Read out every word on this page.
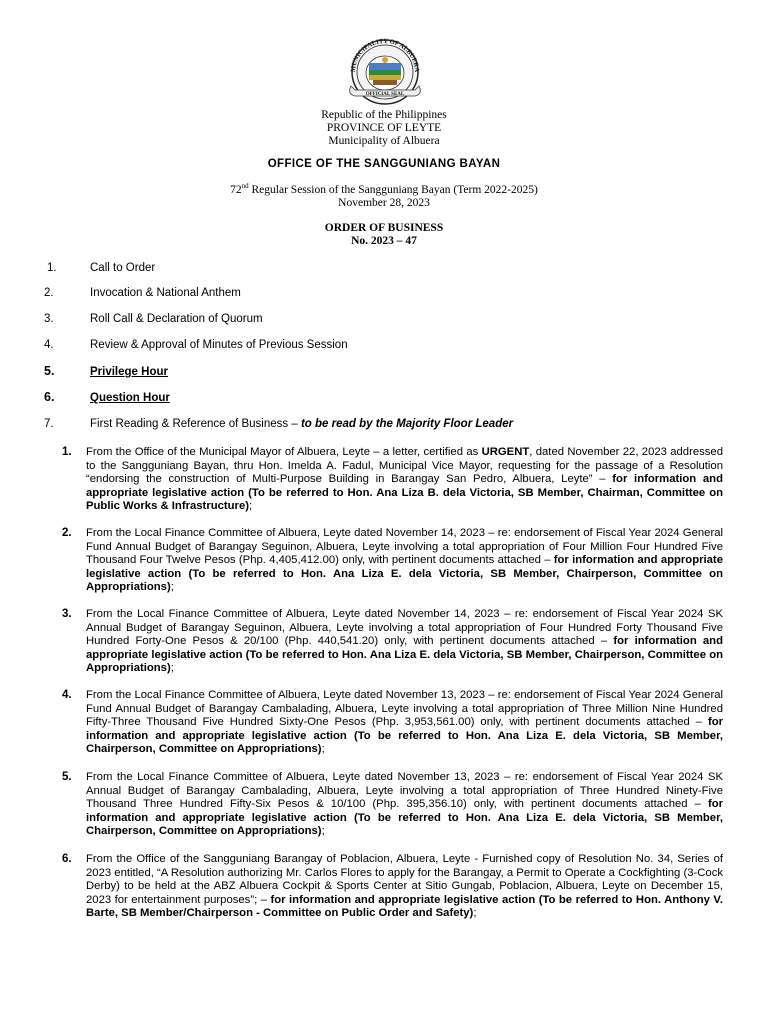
MUNICIPALITY OF ALBUERA
OFFICIAL SEAL
Republic of the Philippines
PROVINCE OF LEYTE
Municipality of Albuera
OFFICE OF THE SANGGUNIANG BAYAN
72nd Regular Session of the Sangguniang Bayan (Term 2022-2025)
November 28, 2023
ORDER OF BUSINESS
No. 2023 – 47
1.	Call to Order
2.	Invocation & National Anthem
3.	Roll Call & Declaration of Quorum
4.	Review & Approval of Minutes of Previous Session
5.	Privilege Hour
6.	Question Hour
7.	First Reading & Reference of Business – to be read by the Majority Floor Leader
1. From the Office of the Municipal Mayor of Albuera, Leyte – a letter, certified as URGENT, dated November 22, 2023 addressed to the Sangguniang Bayan, thru Hon. Imelda A. Fadul, Municipal Vice Mayor, requesting for the passage of a Resolution “endorsing the construction of Multi-Purpose Building in Barangay San Pedro, Albuera, Leyte” – for information and appropriate legislative action (To be referred to Hon. Ana Liza B. dela Victoria, SB Member, Chairman, Committee on Public Works & Infrastructure);
2. From the Local Finance Committee of Albuera, Leyte dated November 14, 2023 – re: endorsement of Fiscal Year 2024 General Fund Annual Budget of Barangay Seguinon, Albuera, Leyte involving a total appropriation of Four Million Four Hundred Five Thousand Four Twelve Pesos (Php. 4,405,412.00) only, with pertinent documents attached – for information and appropriate legislative action (To be referred to Hon. Ana Liza E. dela Victoria, SB Member, Chairperson, Committee on Appropriations);
3. From the Local Finance Committee of Albuera, Leyte dated November 14, 2023 – re: endorsement of Fiscal Year 2024 SK Annual Budget of Barangay Seguinon, Albuera, Leyte involving a total appropriation of Four Hundred Forty Thousand Five Hundred Forty-One Pesos & 20/100 (Php. 440,541.20) only, with pertinent documents attached – for information and appropriate legislative action (To be referred to Hon. Ana Liza E. dela Victoria, SB Member, Chairperson, Committee on Appropriations);
4. From the Local Finance Committee of Albuera, Leyte dated November 13, 2023 – re: endorsement of Fiscal Year 2024 General Fund Annual Budget of Barangay Cambalading, Albuera, Leyte involving a total appropriation of Three Million Nine Hundred Fifty-Three Thousand Five Hundred Sixty-One Pesos (Php. 3,953,561.00) only, with pertinent documents attached – for information and appropriate legislative action (To be referred to Hon. Ana Liza E. dela Victoria, SB Member, Chairperson, Committee on Appropriations);
5. From the Local Finance Committee of Albuera, Leyte dated November 13, 2023 – re: endorsement of Fiscal Year 2024 SK Annual Budget of Barangay Cambalading, Albuera, Leyte involving a total appropriation of Three Hundred Ninety-Five Thousand Three Hundred Fifty-Six Pesos & 10/100 (Php. 395,356.10) only, with pertinent documents attached – for information and appropriate legislative action (To be referred to Hon. Ana Liza E. dela Victoria, SB Member, Chairperson, Committee on Appropriations);
6. From the Office of the Sangguniang Barangay of Poblacion, Albuera, Leyte - Furnished copy of Resolution No. 34, Series of 2023 entitled, “A Resolution authorizing Mr. Carlos Flores to apply for the Barangay, a Permit to Operate a Cockfighting (3-Cock Derby) to be held at the ABZ Albuera Cockpit & Sports Center at Sitio Gungab, Poblacion, Albuera, Leyte on December 15, 2023 for entertainment purposes”; – for information and appropriate legislative action (To be referred to Hon. Anthony V. Barte, SB Member/Chairperson - Committee on Public Order and Safety);
